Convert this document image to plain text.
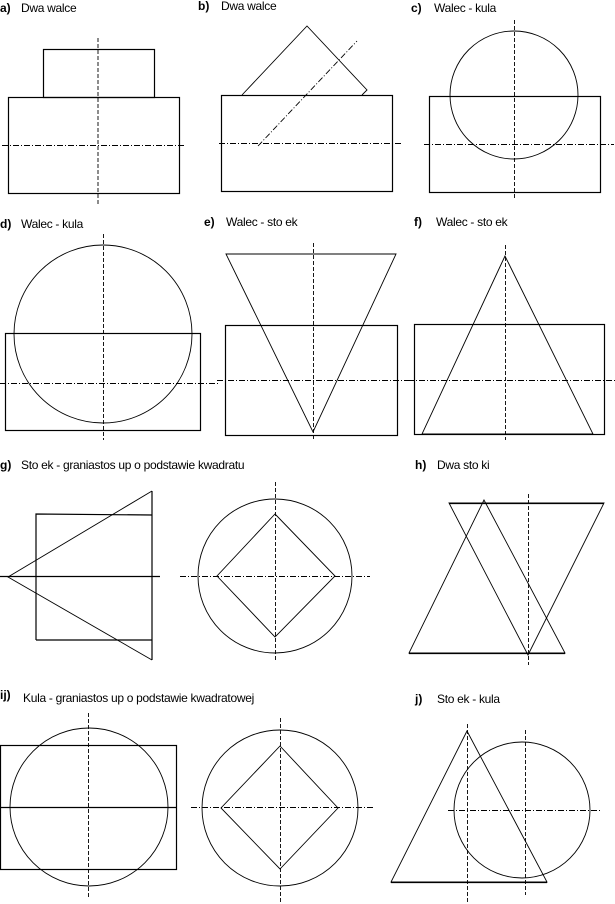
a) Dwa walce	b) Dwa walce	c) Walec - kula
d) Walec - kula	e) Walec - sto ek	f) Walec - sto ek
g) Sto ek - graniastos up o podstawie kwadratu	h) Dwa sto ki
ij) Kula - graniastos up o podstawie kwadratowej	j) Sto ek - kula
